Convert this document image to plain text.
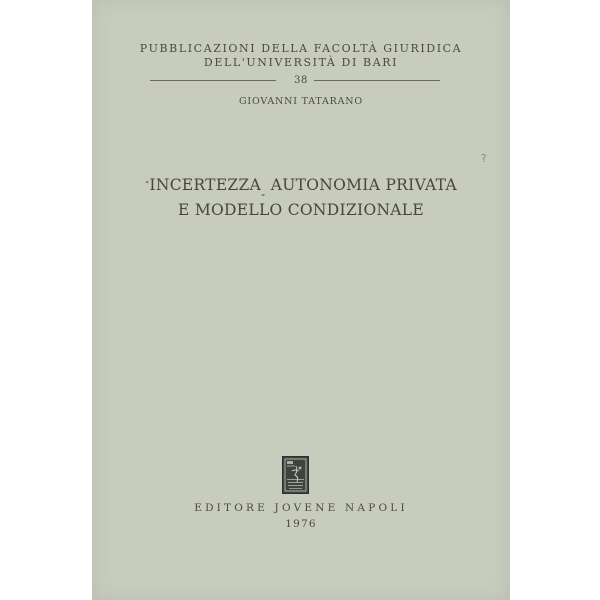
PUBBLICAZIONI DELLA FACOLTÀ GIURIDICA
DELL'UNIVERSITÀ DI BARI
38
GIOVANNI TATARANO
?
$^“INCERTEZZA_„$ AUTONOMIA PRIVATA
E MODELLO CONDIZIONALE
EDITORE JOVENE NAPOLI
1976
